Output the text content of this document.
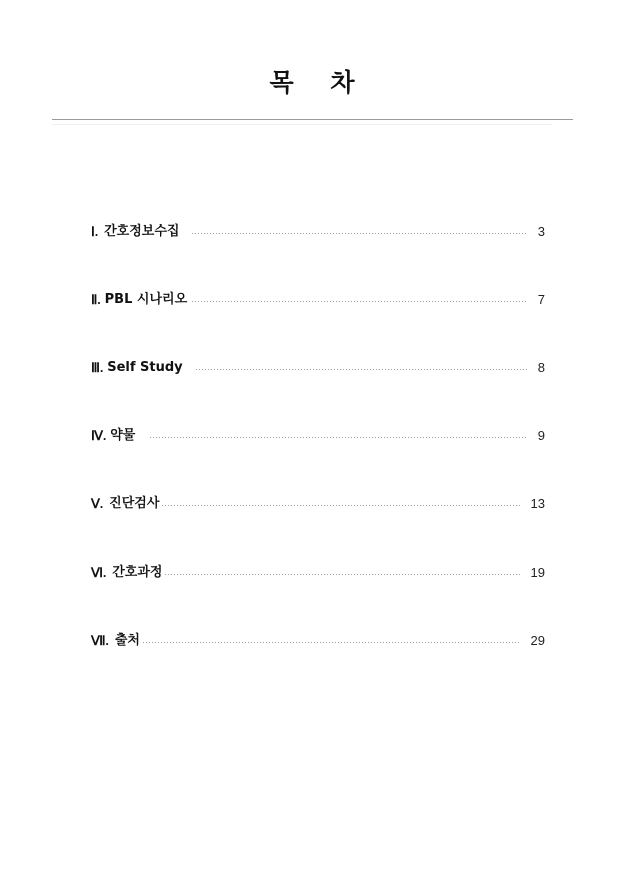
목 차
Ⅰ. 간호정보수집	3
Ⅱ. PBL 시나리오	7
Ⅲ. Self Study	8
Ⅳ. 약물	9
Ⅴ. 진단검사	13
Ⅵ. 간호과정	19
Ⅶ. 출처	29
